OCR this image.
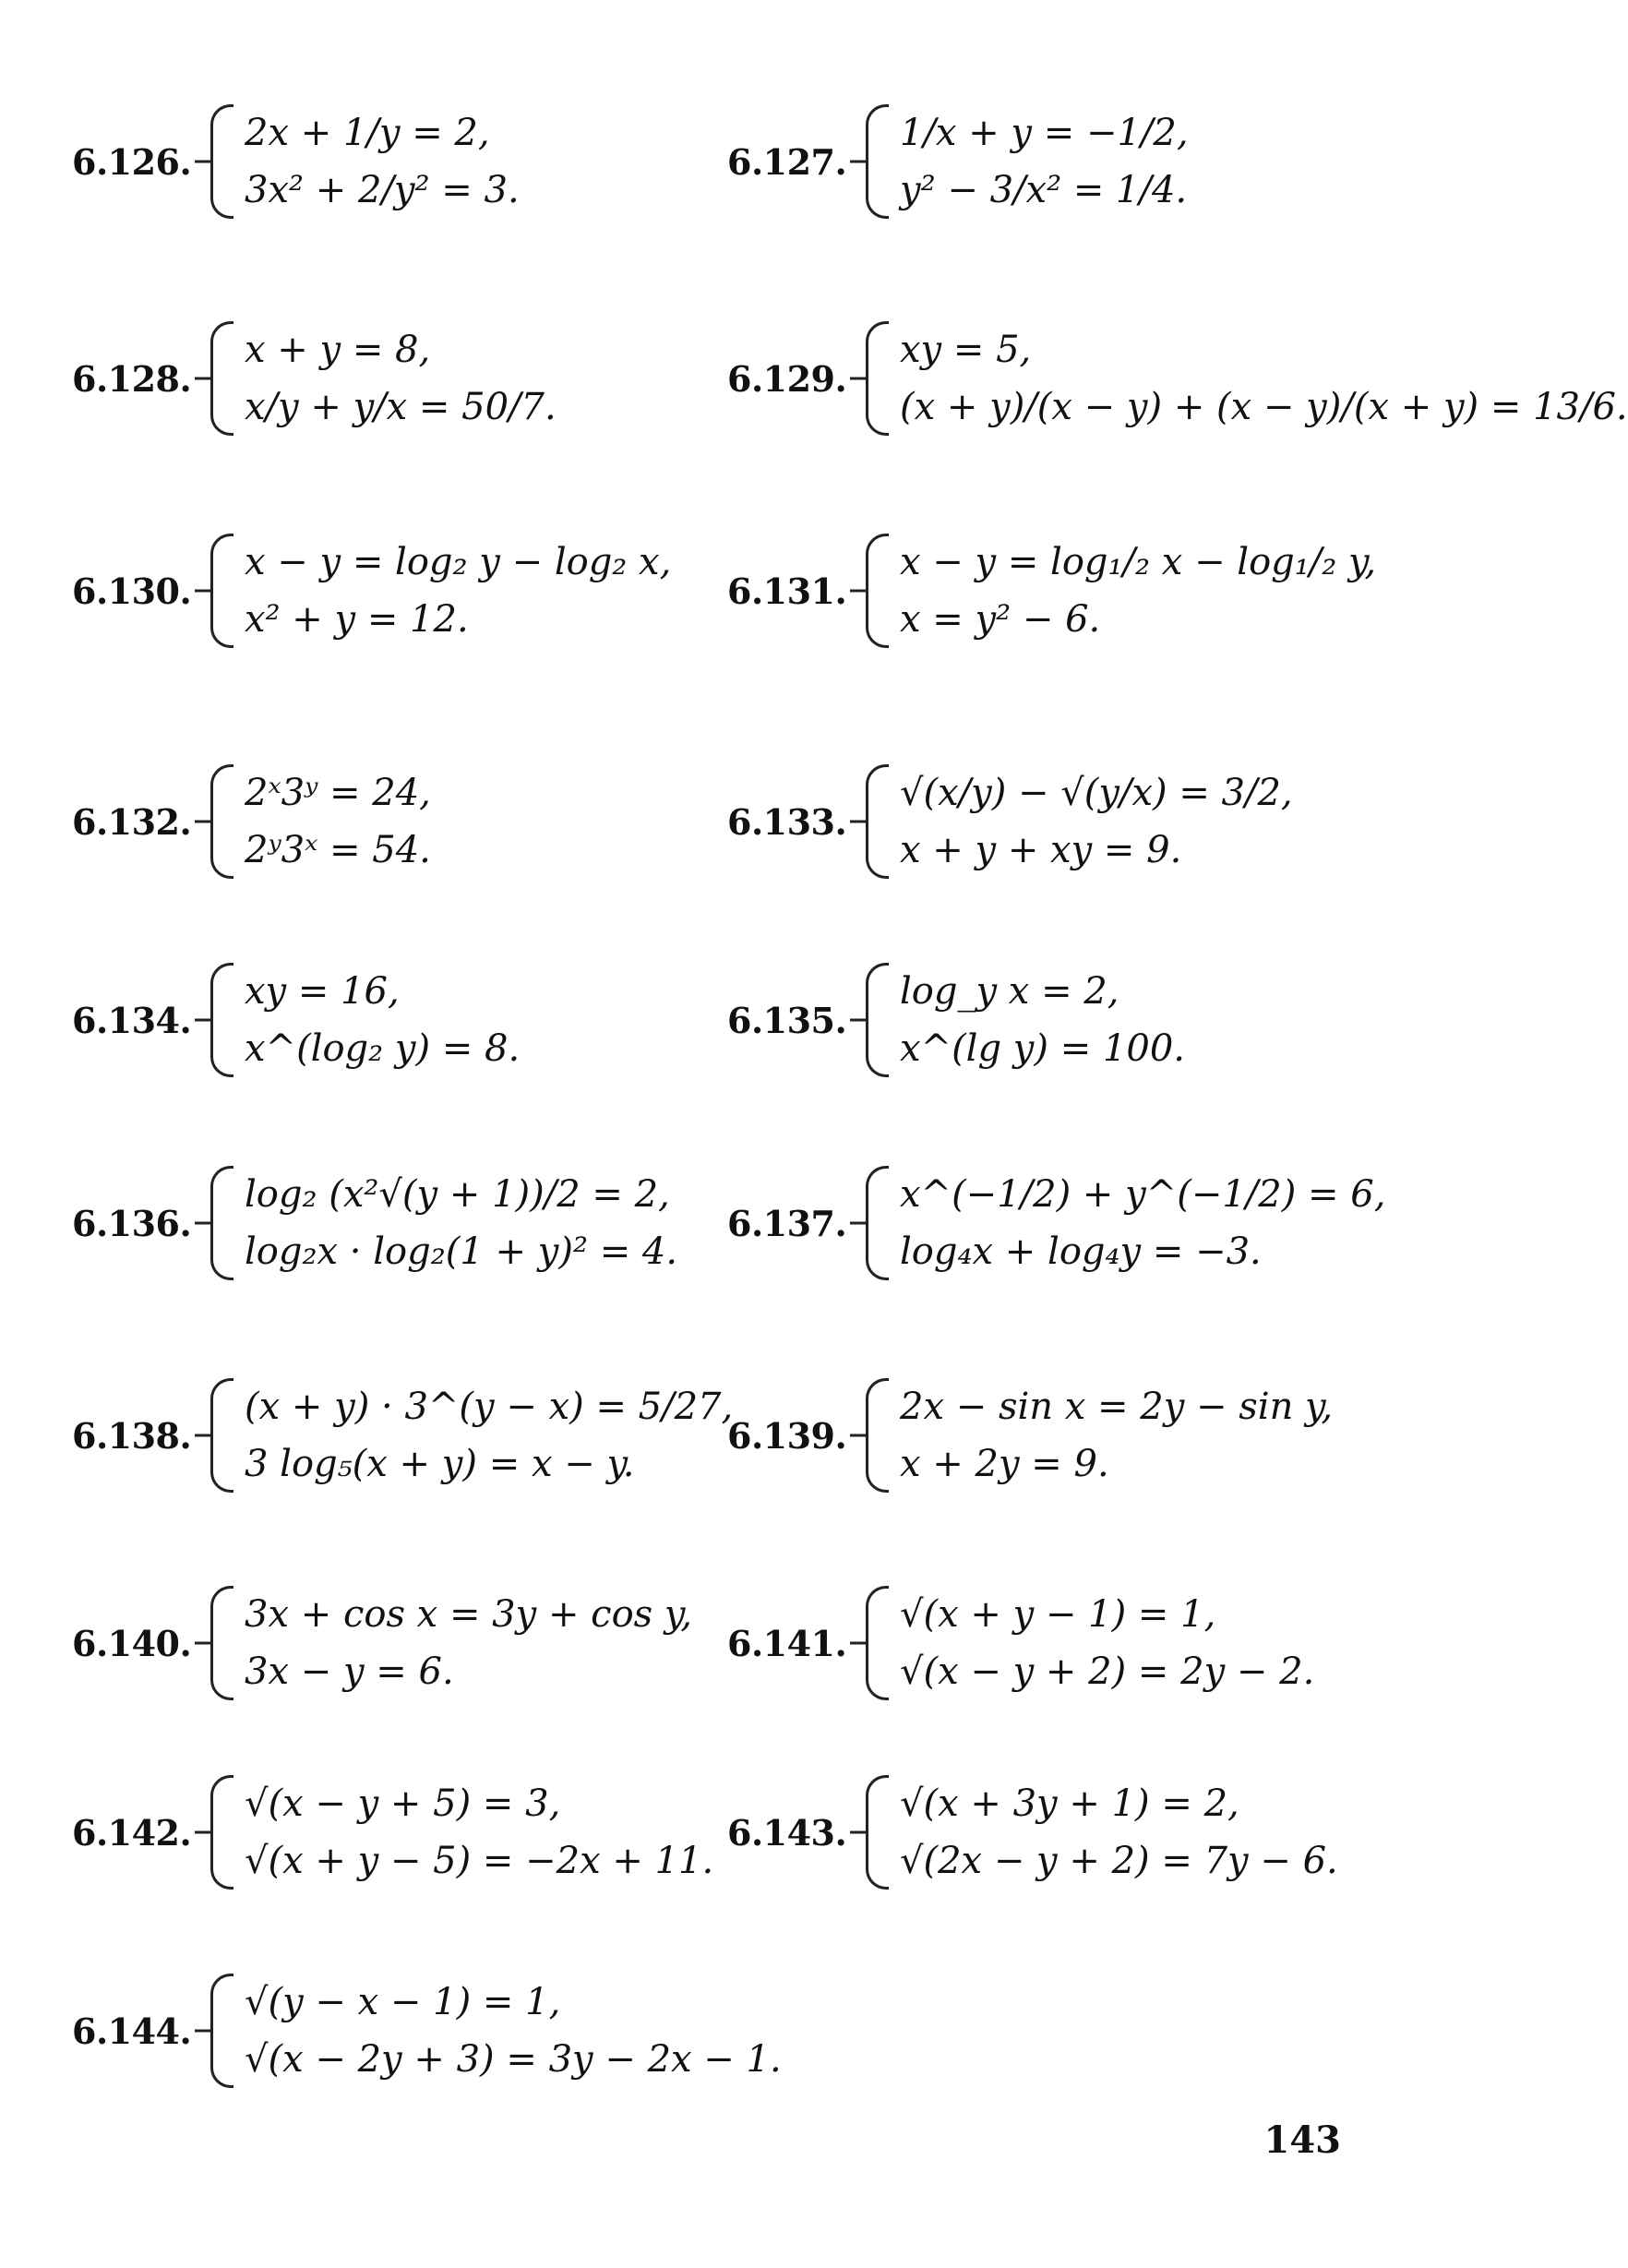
6.126.
2x + 1/y = 2,
3x² + 2/y² = 3.
6.127.
1/x + y = −1/2,
y² − 3/x² = 1/4.
6.128.
x + y = 8,
x/y + y/x = 50/7.
6.129.
xy = 5,
(x + y)/(x − y) + (x − y)/(x + y) = 13/6.
6.130.
x − y = log₂ y − log₂ x,
x² + y = 12.
6.131.
x − y = log₁/₂ x − log₁/₂ y,
x = y² − 6.
6.132.
2ˣ3ʸ = 24,
2ʸ3ˣ = 54.
6.133.
√(x/y) − √(y/x) = 3/2,
x + y + xy = 9.
6.134.
xy = 16,
x^(log₂ y) = 8.
6.135.
log_y x = 2,
x^(lg y) = 100.
6.136.
log₂ (x²√(y + 1))/2 = 2,
log₂x · log₂(1 + y)² = 4.
6.137.
x^(−1/2) + y^(−1/2) = 6,
log₄x + log₄y = −3.
6.138.
(x + y) · 3^(y − x) = 5/27,
3 log₅(x + y) = x − y.
6.139.
2x − sin x = 2y − sin y,
x + 2y = 9.
6.140.
3x + cos x = 3y + cos y,
3x − y = 6.
6.141.
√(x + y − 1) = 1,
√(x − y + 2) = 2y − 2.
6.142.
√(x − y + 5) = 3,
√(x + y − 5) = −2x + 11.
6.143.
√(x + 3y + 1) = 2,
√(2x − y + 2) = 7y − 6.
6.144.
√(y − x − 1) = 1,
√(x − 2y + 3) = 3y − 2x − 1.
143
